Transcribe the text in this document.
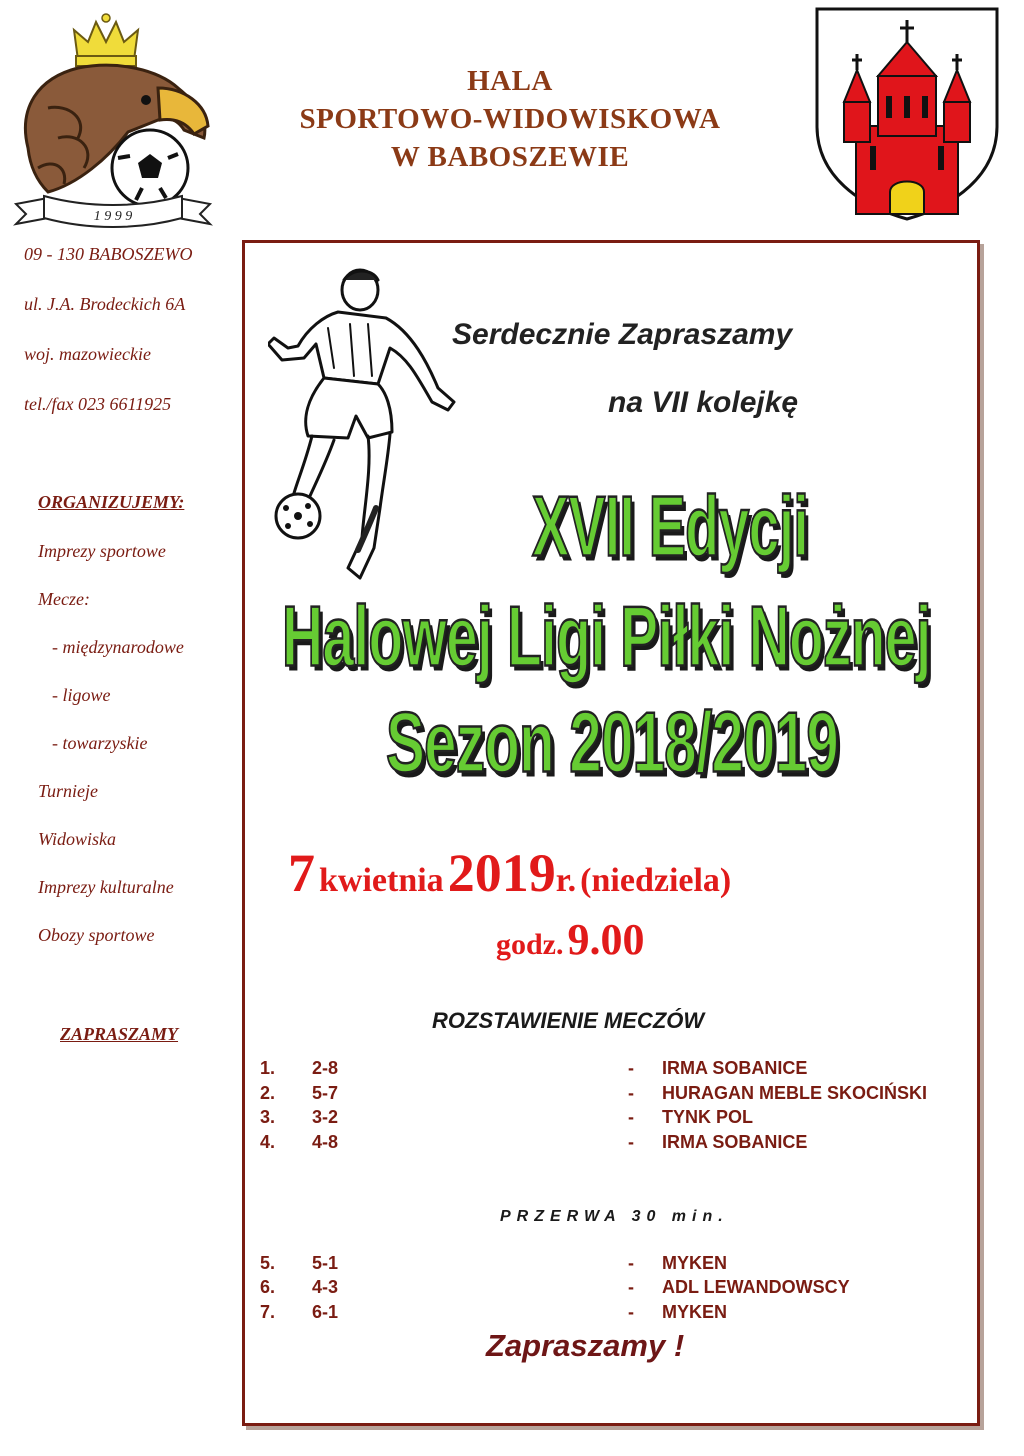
1 9 9 9
HALA
SPORTOWO-WIDOWISKOWA
W BABOSZEWIE
09 - 130 BABOSZEWO
ul. J.A. Brodeckich 6A
woj. mazowieckie
tel./fax 023 6611925
ORGANIZUJEMY:
Imprezy sportowe
Mecze:
- międzynarodowe
- ligowe
- towarzyskie
Turnieje
Widowiska
Imprezy kulturalne
Obozy sportowe
ZAPRASZAMY
Serdecznie Zapraszamy
na VII kolejkę
XVII Edycji
Halowej Ligi Piłki Nożnej
Sezon 2018/2019
7 kwietnia 2019r. (niedziela)
godz. 9.00
ROZSTAWIENIE MECZÓW
1. 2-8	- IRMA SOBANICE
2. 5-7	- HURAGAN MEBLE SKOCIŃSKI
3. 3-2	- TYNK POL
4. 4-8	- IRMA SOBANICE
PRZERWA 30 min.
5. 5-1	- MYKEN
6. 4-3	- ADL LEWANDOWSCY
7. 6-1	- MYKEN
Zapraszamy !
